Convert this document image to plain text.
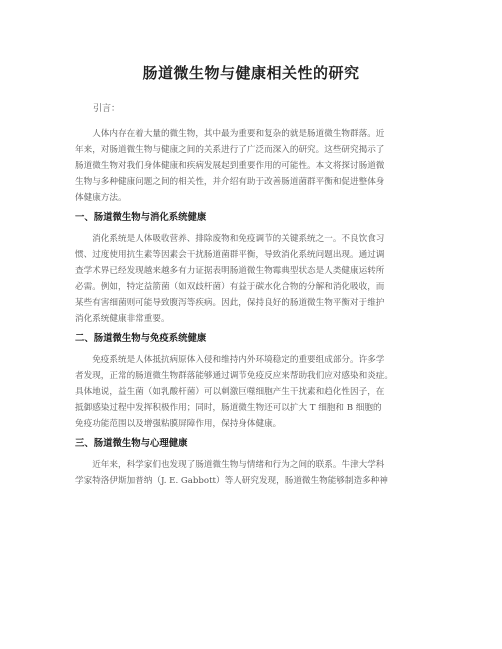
肠道微生物与健康相关性的研究
引言：
　　人体内存在着大量的微生物，其中最为重要和复杂的就是肠道微生物群落。近
年来，对肠道微生物与健康之间的关系进行了广泛而深入的研究。这些研究揭示了
肠道微生物对我们身体健康和疾病发展起到重要作用的可能性。本文将探讨肠道微
生物与多种健康问题之间的相关性，并介绍有助于改善肠道菌群平衡和促进整体身
体健康方法。
一、肠道微生物与消化系统健康
　　消化系统是人体吸收营养、排除废物和免疫调节的关键系统之一。不良饮食习
惯、过度使用抗生素等因素会干扰肠道菌群平衡，导致消化系统问题出现。通过调
查学术界已经发现越来越多有力证据表明肠道微生物霉典型状态是人类健康运转所
必需。例如，特定益箭菌（如双歧杆菌）有益于碳水化合物的分解和消化吸收，而
某些有害细菌则可能导致腹泻等疾病。因此，保持良好的肠道微生物平衡对于维护
消化系统健康非常重要。
二、肠道微生物与免疫系统健康
　　免疫系统是人体抵抗病原体入侵和维持内外环境稳定的重要组成部分。许多学
者发现，正常的肠道微生物群落能够通过调节免疫反应来帮助我们应对感染和炎症。
具体地说，益生菌（如乳酸杆菌）可以刺激巨噬细胞产生干扰素和趋化性因子，在
抵御感染过程中发挥积极作用；同时，肠道微生物还可以扩大 T 细胞和 B 细胞的
免疫功能范围以及增强粘膜屏障作用，保持身体健康。
三、肠道微生物与心理健康
　　近年来，科学家们也发现了肠道微生物与情绪和行为之间的联系。牛津大学科
学家特洛伊斯加普纳（J. E. Gabbott）等人研究发现，肠道微生物能够制造多种神
